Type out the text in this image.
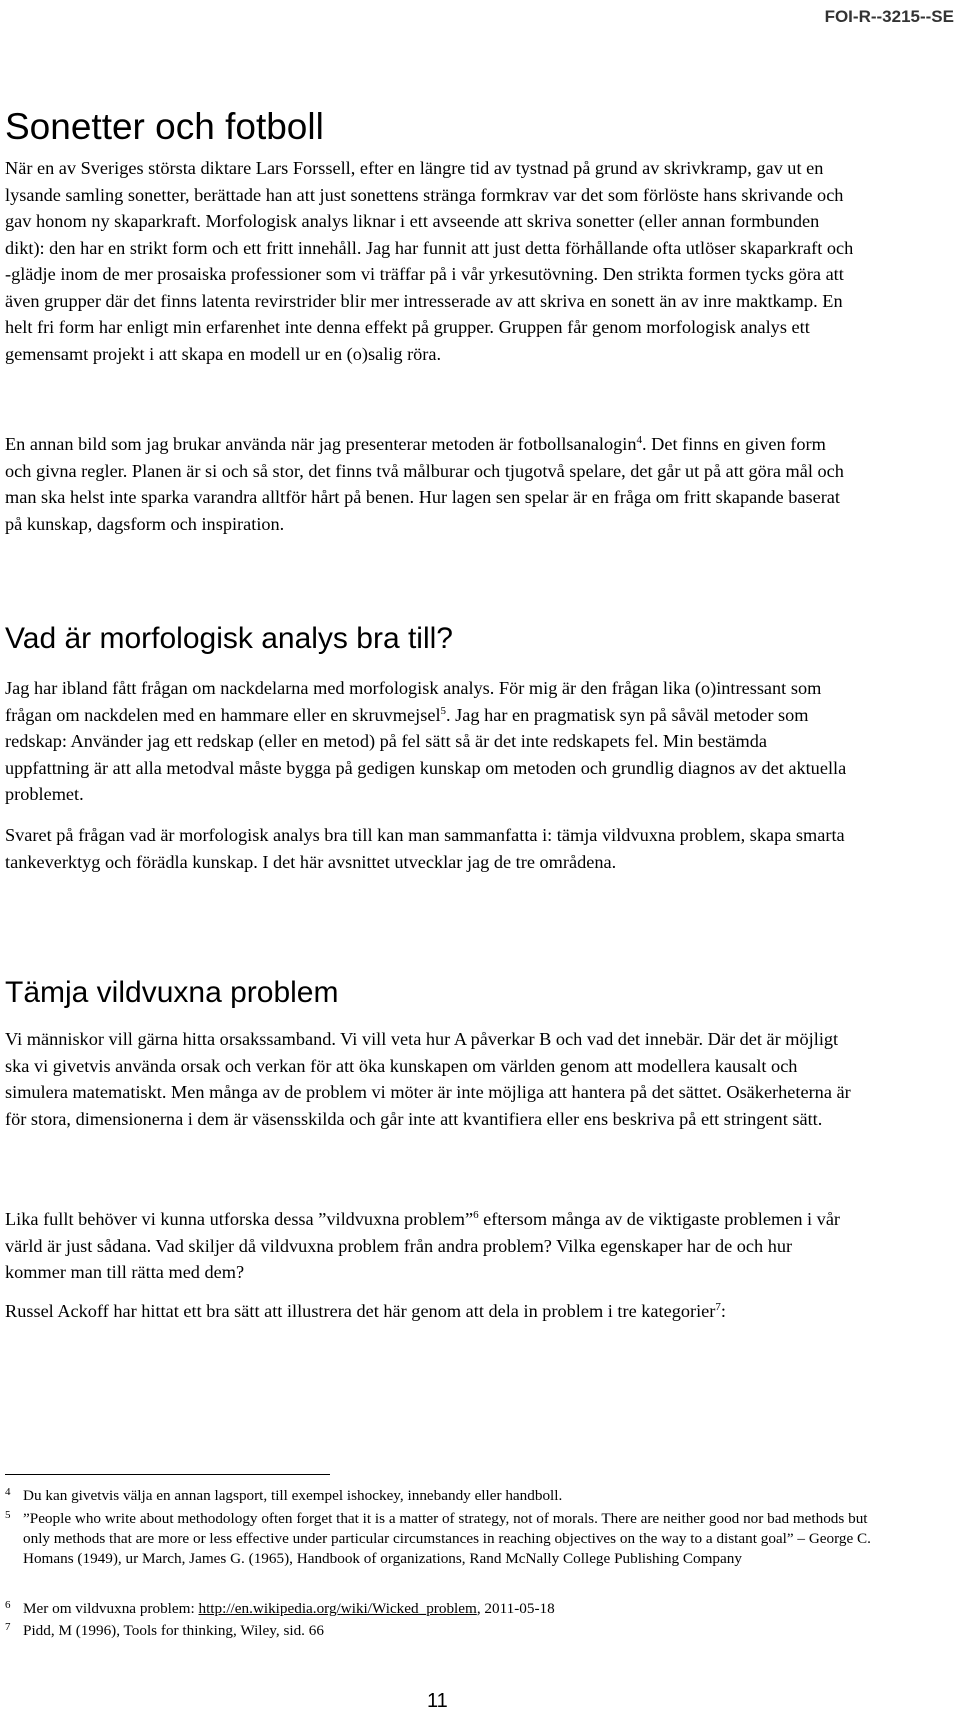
FOI-R--3215--SE
Sonetter och fotboll

När en av Sveriges största diktare Lars Forssell, efter en längre tid av tystnad på grund av skrivkramp, gav ut en lysande samling sonetter, berättade han att just sonettens stränga formkrav var det som förlöste hans skrivande och gav honom ny skaparkraft. Morfologisk analys liknar i ett avseende att skriva sonetter (eller annan formbunden dikt): den har en strikt form och ett fritt innehåll. Jag har funnit att just detta förhållande ofta utlöser skaparkraft och -glädje inom de mer prosaiska professioner som vi träffar på i vår yrkesutövning. Den strikta formen tycks göra att även grupper där det finns latenta revirstrider blir mer intresserade av att skriva en sonett än av inre maktkamp. En helt fri form har enligt min erfarenhet inte denna effekt på grupper. Gruppen får genom morfologisk analys ett gemensamt projekt i att skapa en modell ur en (o)salig röra.

En annan bild som jag brukar använda när jag presenterar metoden är fotbollsanalogin$^4$. Det finns en given form och givna regler. Planen är si och så stor, det finns två målburar och tjugotvå spelare, det går ut på att göra mål och man ska helst inte sparka varandra alltför hårt på benen. Hur lagen sen spelar är en fråga om fritt skapande baserat på kunskap, dagsform och inspiration.

Vad är morfologisk analys bra till?

Jag har ibland fått frågan om nackdelarna med morfologisk analys. För mig är den frågan lika (o)intressant som frågan om nackdelen med en hammare eller en skruvmejsel$^5$. Jag har en pragmatisk syn på såväl metoder som redskap: Använder jag ett redskap (eller en metod) på fel sätt så är det inte redskapets fel. Min bestämda uppfattning är att alla metodval måste bygga på gedigen kunskap om metoden och grundlig diagnos av det aktuella problemet.

Svaret på frågan vad är morfologisk analys bra till kan man sammanfatta i: tämja vildvuxna problem, skapa smarta tankeverktyg och förädla kunskap. I det här avsnittet utvecklar jag de tre områdena.

Tämja vildvuxna problem

Vi människor vill gärna hitta orsakssamband. Vi vill veta hur A påverkar B och vad det innebär. Där det är möjligt ska vi givetvis använda orsak och verkan för att öka kunskapen om världen genom att modellera kausalt och simulera matematiskt. Men många av de problem vi möter är inte möjliga att hantera på det sättet. Osäkerheterna är för stora, dimensionerna i dem är väsensskilda och går inte att kvantifiera eller ens beskriva på ett stringent sätt.

Lika fullt behöver vi kunna utforska dessa ”vildvuxna problem”$^6$ eftersom många av de viktigaste problemen i vår värld är just sådana. Vad skiljer då vildvuxna problem från andra problem? Vilka egenskaper har de och hur kommer man till rätta med dem?

Russel Ackoff har hittat ett bra sätt att illustrera det här genom att dela in problem i tre kategorier$^7$:

4 Du kan givetvis välja en annan lagsport, till exempel ishockey, innebandy eller handboll.
5 ”People who write about methodology often forget that it is a matter of strategy, not of morals. There are neither good nor bad methods but only methods that are more or less effective under particular circumstances in reaching objectives on the way to a distant goal” – George C. Homans (1949), ur March, James G. (1965), Handbook of organizations, Rand McNally College Publishing Company
6 Mer om vildvuxna problem: http://en.wikipedia.org/wiki/Wicked_problem, 2011-05-18
7 Pidd, M (1996), Tools for thinking, Wiley, sid. 66
11
